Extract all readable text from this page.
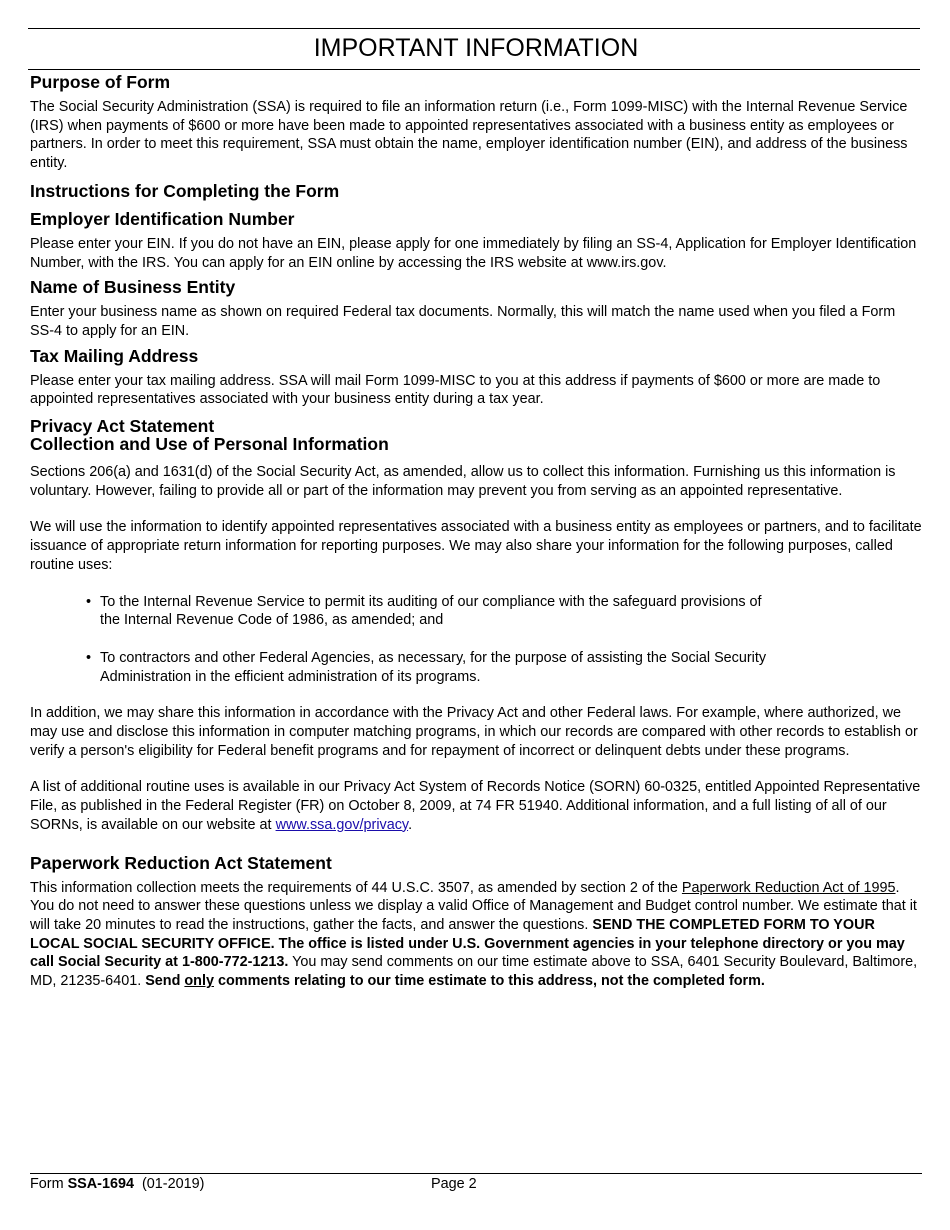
IMPORTANT INFORMATION
Purpose of Form

The Social Security Administration (SSA) is required to file an information return (i.e., Form 1099-MISC) with the Internal Revenue Service (IRS) when payments of $600 or more have been made to appointed representatives associated with a business entity as employees or partners. In order to meet this requirement, SSA must obtain the name, employer identification number (EIN), and address of the business entity.

Instructions for Completing the Form
Employer Identification Number

Please enter your EIN. If you do not have an EIN, please apply for one immediately by filing an SS-4, Application for Employer Identification Number, with the IRS. You can apply for an EIN online by accessing the IRS website at www.irs.gov.

Name of Business Entity

Enter your business name as shown on required Federal tax documents. Normally, this will match the name used when you filed a Form SS-4 to apply for an EIN.

Tax Mailing Address

Please enter your tax mailing address. SSA will mail Form 1099-MISC to you at this address if payments of $600 or more are made to appointed representatives associated with your business entity during a tax year.

Privacy Act Statement
Collection and Use of Personal Information

Sections 206(a) and 1631(d) of the Social Security Act, as amended, allow us to collect this information. Furnishing us this information is voluntary. However, failing to provide all or part of the information may prevent you from serving as an appointed representative.

We will use the information to identify appointed representatives associated with a business entity as employees or partners, and to facilitate issuance of appropriate return information for reporting purposes. We may also share your information for the following purposes, called routine uses:

• To the Internal Revenue Service to permit its auditing of our compliance with the safeguard provisions of the Internal Revenue Code of 1986, as amended; and
• To contractors and other Federal Agencies, as necessary, for the purpose of assisting the Social Security Administration in the efficient administration of its programs.

In addition, we may share this information in accordance with the Privacy Act and other Federal laws. For example, where authorized, we may use and disclose this information in computer matching programs, in which our records are compared with other records to establish or verify a person's eligibility for Federal benefit programs and for repayment of incorrect or delinquent debts under these programs.

A list of additional routine uses is available in our Privacy Act System of Records Notice (SORN) 60-0325, entitled Appointed Representative File, as published in the Federal Register (FR) on October 8, 2009, at 74 FR 51940. Additional information, and a full listing of all of our SORNs, is available on our website at www.ssa.gov/privacy.

Paperwork Reduction Act Statement

This information collection meets the requirements of 44 U.S.C. 3507, as amended by section 2 of the Paperwork Reduction Act of 1995. You do not need to answer these questions unless we display a valid Office of Management and Budget control number. We estimate that it will take 20 minutes to read the instructions, gather the facts, and answer the questions. SEND THE COMPLETED FORM TO YOUR LOCAL SOCIAL SECURITY OFFICE. The office is listed under U.S. Government agencies in your telephone directory or you may call Social Security at 1-800-772-1213. You may send comments on our time estimate above to SSA, 6401 Security Boulevard, Baltimore, MD, 21235-6401. Send only comments relating to our time estimate to this address, not the completed form.

Form SSA-1694  (01-2019)	Page 2
